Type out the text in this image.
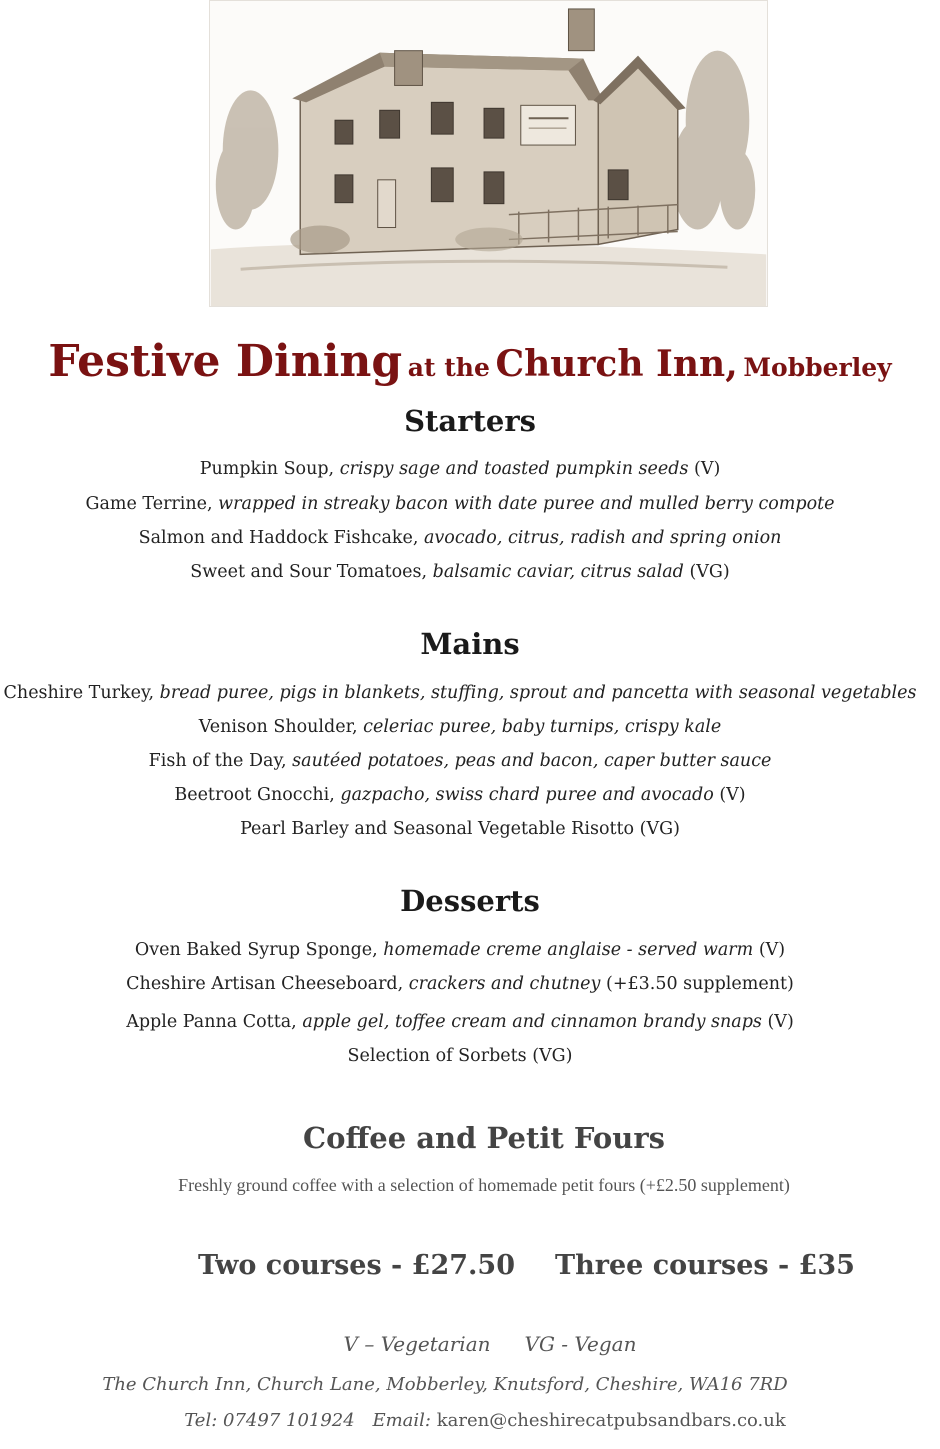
Festive Dining at the Church Inn, Mobberley
Starters
Pumpkin Soup, crispy sage and toasted pumpkin seeds (V)
Game Terrine, wrapped in streaky bacon with date puree and mulled berry compote
Salmon and Haddock Fishcake, avocado, citrus, radish and spring onion
Sweet and Sour Tomatoes, balsamic caviar, citrus salad (VG)
Mains
Cheshire Turkey, bread puree, pigs in blankets, stuffing, sprout and pancetta with seasonal vegetables
Venison Shoulder, celeriac puree, baby turnips, crispy kale
Fish of the Day, sautéed potatoes, peas and bacon, caper butter sauce
Beetroot Gnocchi, gazpacho, swiss chard puree and avocado (V)
Pearl Barley and Seasonal Vegetable Risotto (VG)
Desserts
Oven Baked Syrup Sponge, homemade creme anglaise - served warm (V)
Cheshire Artisan Cheeseboard, crackers and chutney (+£3.50 supplement)
Apple Panna Cotta, apple gel, toffee cream and cinnamon brandy snaps (V)
Selection of Sorbets (VG)
Coffee and Petit Fours
Freshly ground coffee with a selection of homemade petit fours (+£2.50 supplement)
Two courses - £27.50 Three courses - £35
V – Vegetarian VG - Vegan
The Church Inn, Church Lane, Mobberley, Knutsford, Cheshire, WA16 7RD
Tel: 07497 101924 Email: karen@cheshirecatpubsandbars.co.uk
